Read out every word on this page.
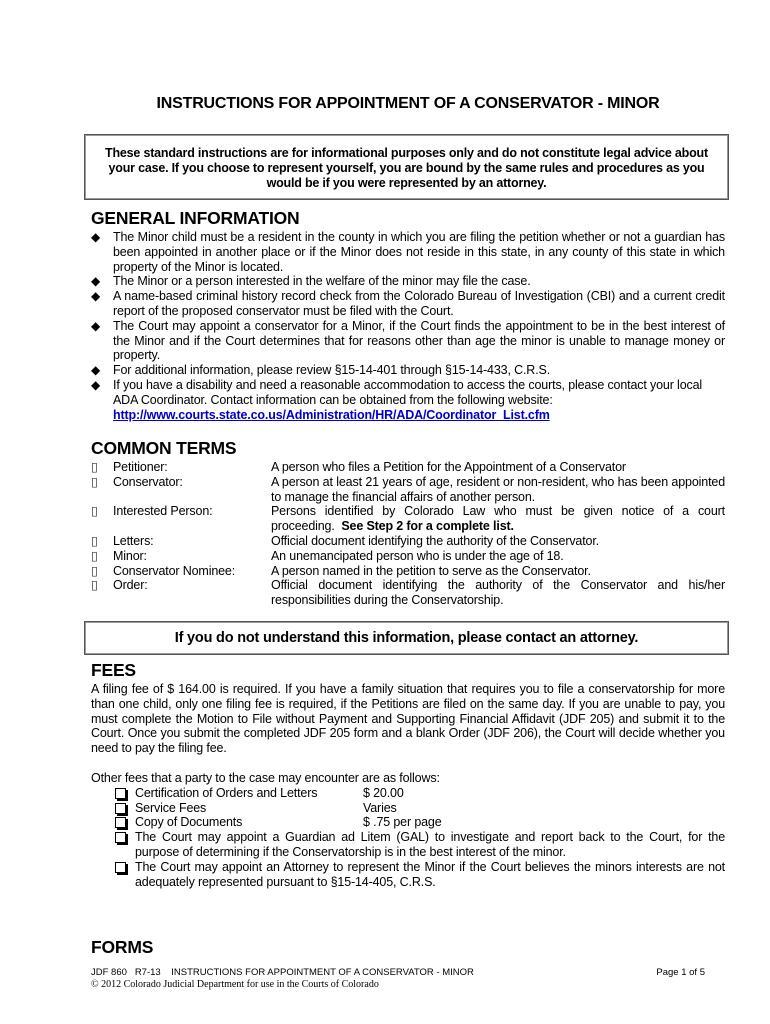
INSTRUCTIONS FOR APPOINTMENT OF A CONSERVATOR - MINOR
These standard instructions are for informational purposes only and do not constitute legal advice about your case. If you choose to represent yourself, you are bound by the same rules and procedures as you would be if you were represented by an attorney.
GENERAL INFORMATION
◆ The Minor child must be a resident in the county in which you are filing the petition whether or not a guardian has been appointed in another place or if the Minor does not reside in this state, in any county of this state in which property of the Minor is located.
◆ The Minor or a person interested in the welfare of the minor may file the case.
◆ A name-based criminal history record check from the Colorado Bureau of Investigation (CBI) and a current credit report of the proposed conservator must be filed with the Court.
◆ The Court may appoint a conservator for a Minor, if the Court finds the appointment to be in the best interest of the Minor and if the Court determines that for reasons other than age the minor is unable to manage money or property.
◆ For additional information, please review §15-14-401 through §15-14-433, C.R.S.
◆ If you have a disability and need a reasonable accommodation to access the courts, please contact your local ADA Coordinator. Contact information can be obtained from the following website:
http://www.courts.state.co.us/Administration/HR/ADA/Coordinator_List.cfm
COMMON TERMS
▯	Petitioner:	A person who files a Petition for the Appointment of a Conservator
▯	Conservator:	A person at least 21 years of age, resident or non-resident, who has been appointed to manage the financial affairs of another person.
▯	Interested Person:	Persons identified by Colorado Law who must be given notice of a court proceeding. See Step 2 for a complete list.
▯	Letters:	Official document identifying the authority of the Conservator.
▯	Minor:	An unemancipated person who is under the age of 18.
▯	Conservator Nominee:	A person named in the petition to serve as the Conservator.
▯	Order:	Official document identifying the authority of the Conservator and his/her responsibilities during the Conservatorship.
If you do not understand this information, please contact an attorney.
FEES

A filing fee of $ 164.00 is required. If you have a family situation that requires you to file a conservatorship for more than one child, only one filing fee is required, if the Petitions are filed on the same day. If you are unable to pay, you must complete the Motion to File without Payment and Supporting Financial Affidavit (JDF 205) and submit it to the Court. Once you submit the completed JDF 205 form and a blank Order (JDF 206), the Court will decide whether you need to pay the filing fee.

Other fees that a party to the case may encounter are as follows:

Certification of Orders and Letters	$ 20.00
Service Fees	Varies
Copy of Documents	$ .75 per page
The Court may appoint a Guardian ad Litem (GAL) to investigate and report back to the Court, for the purpose of determining if the Conservatorship is in the best interest of the minor.
The Court may appoint an Attorney to represent the Minor if the Court believes the minors interests are not adequately represented pursuant to §15-14-405, C.R.S.
FORMS
JDF 860   R7-13    INSTRUCTIONS FOR APPOINTMENT OF A CONSERVATOR - MINOR	Page 1 of 5
© 2012 Colorado Judicial Department for use in the Courts of Colorado
